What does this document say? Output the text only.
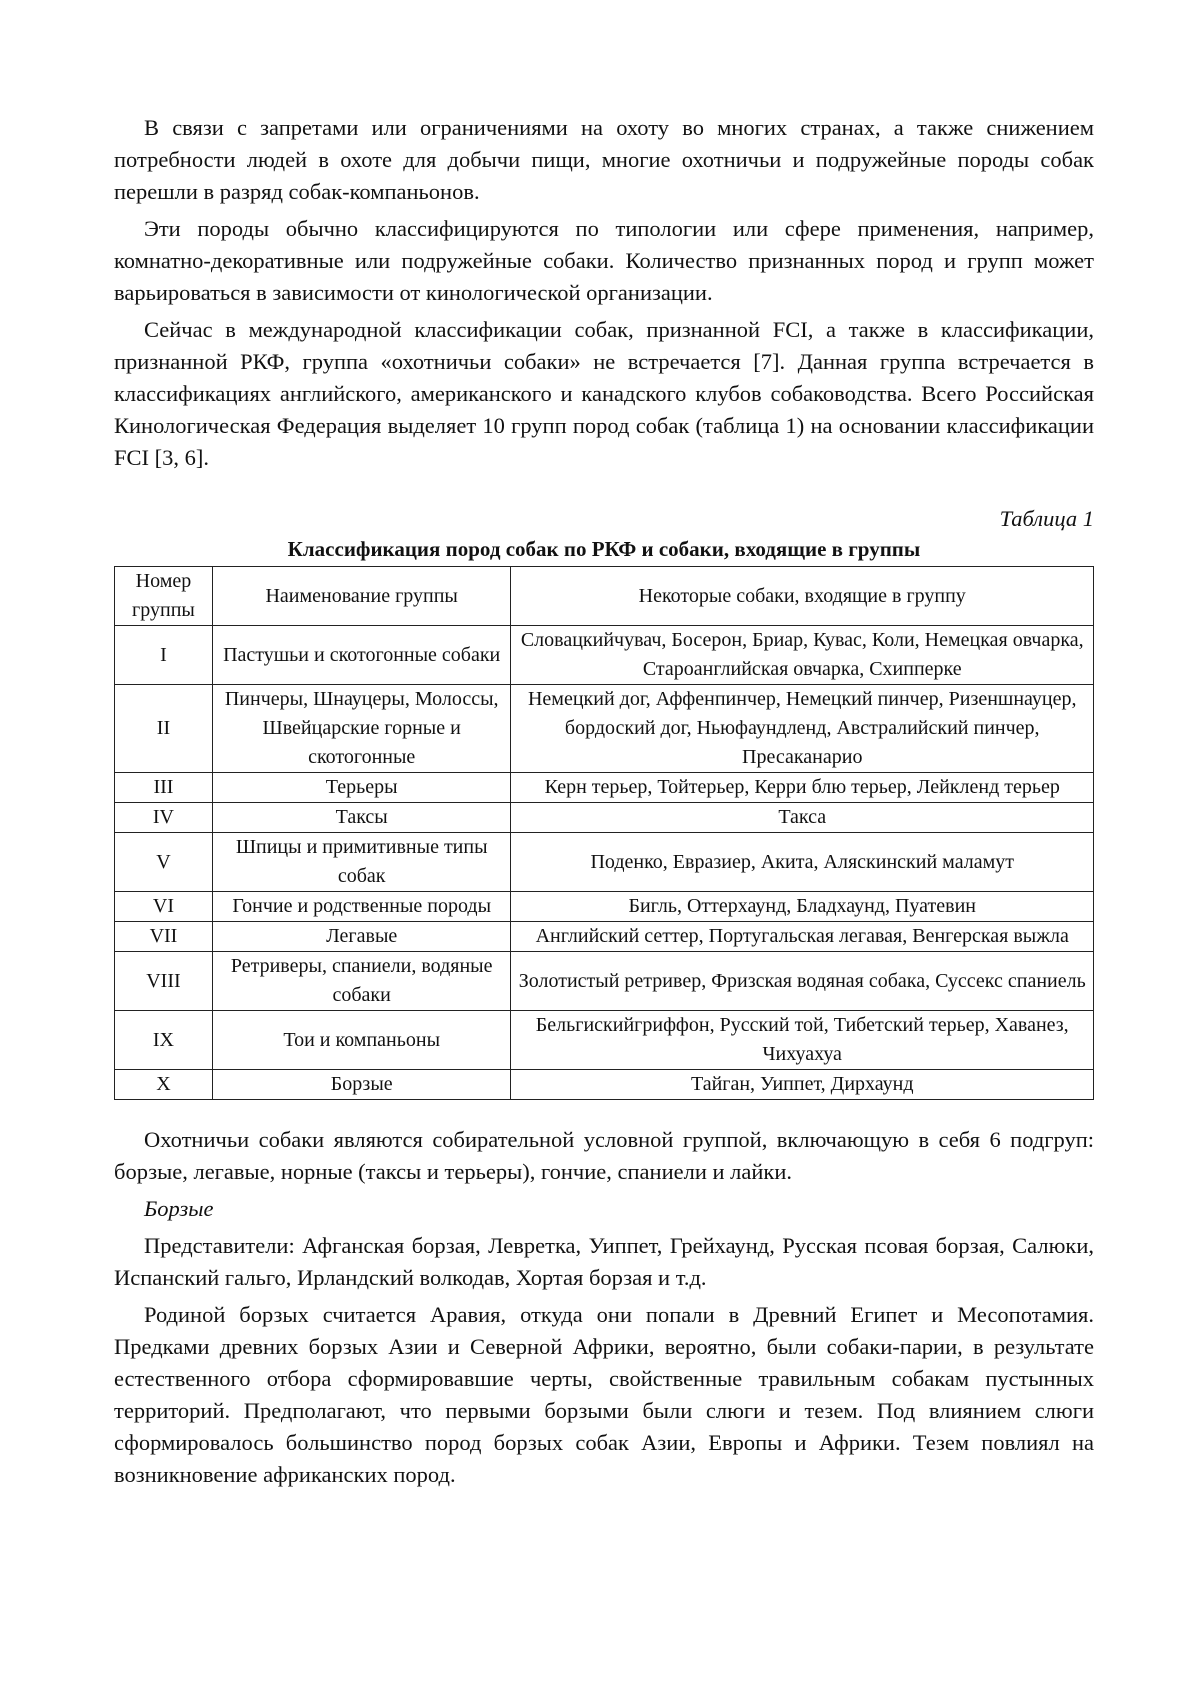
В связи с запретами или ограничениями на охоту во многих странах, а также снижением потребности людей в охоте для добычи пищи, многие охотничьи и подружейные породы собак перешли в разряд собак-компаньонов.

Эти породы обычно классифицируются по типологии или сфере применения, например, комнатно-декоративные или подружейные собаки. Количество признанных пород и групп может варьироваться в зависимости от кинологической организации.

Сейчас в международной классификации собак, признанной FCI, а также в классификации, признанной РКФ, группа «охотничьи собаки» не встречается [7]. Данная группа встречается в классификациях английского, американского и канадского клубов собаководства. Всего Российская Кинологическая Федерация выделяет 10 групп пород собак (таблица 1) на основании классификации FCI [3, 6].

Таблица 1
Классификация пород собак по РКФ и собаки, входящие в группы
Номер группы	Наименование группы	Некоторые собаки, входящие в группу
I	Пастушьи и скотогонные собаки	Словацкийчувач, Босерон, Бриар, Кувас, Коли, Немецкая овчарка, Староанглийская овчарка, Схипперке
II	Пинчеры, Шнауцеры, Молоссы, Швейцарские горные и скотогонные	Немецкий дог, Аффенпинчер, Немецкий пинчер, Ризеншнауцер, бордоский дог, Ньюфаундленд, Австралийский пинчер, Пресаканарио
III	Терьеры	Керн терьер, Тойтерьер, Керри блю терьер, Лейкленд терьер
IV	Таксы	Такса
V	Шпицы и примитивные типы собак	Поденко, Евразиер, Акита, Аляскинский маламут
VI	Гончие и родственные породы	Бигль, Оттерхаунд, Бладхаунд, Пуатевин
VII	Легавые	Английский сеттер, Португальская легавая, Венгерская выжла
VIII	Ретриверы, спаниели, водяные собаки	Золотистый ретривер, Фризская водяная собака, Суссекс спаниель
IX	Тои и компаньоны	Бельгискийгриффон, Русский той, Тибетский терьер, Хаванез, Чихуахуа
X	Борзые	Тайган, Уиппет, Дирхаунд

Охотничьи собаки являются собирательной условной группой, включающую в себя 6 подгруп: борзые, легавые, норные (таксы и терьеры), гончие, спаниели и лайки.

Борзые

Представители: Афганская борзая, Левретка, Уиппет, Грейхаунд, Русская псовая борзая, Салюки, Испанский гальго, Ирландский волкодав, Хортая борзая и т.д.

Родиной борзых считается Аравия, откуда они попали в Древний Египет и Месопотамия. Предками древних борзых Азии и Северной Африки, вероятно, были собаки-парии, в результате естественного отбора сформировавшие черты, свойственные травильным собакам пустынных территорий. Предполагают, что первыми борзыми были слюги и тезем. Под влиянием слюги сформировалось большинство пород борзых собак Азии, Европы и Африки. Тезем повлиял на возникновение африканских пород.
